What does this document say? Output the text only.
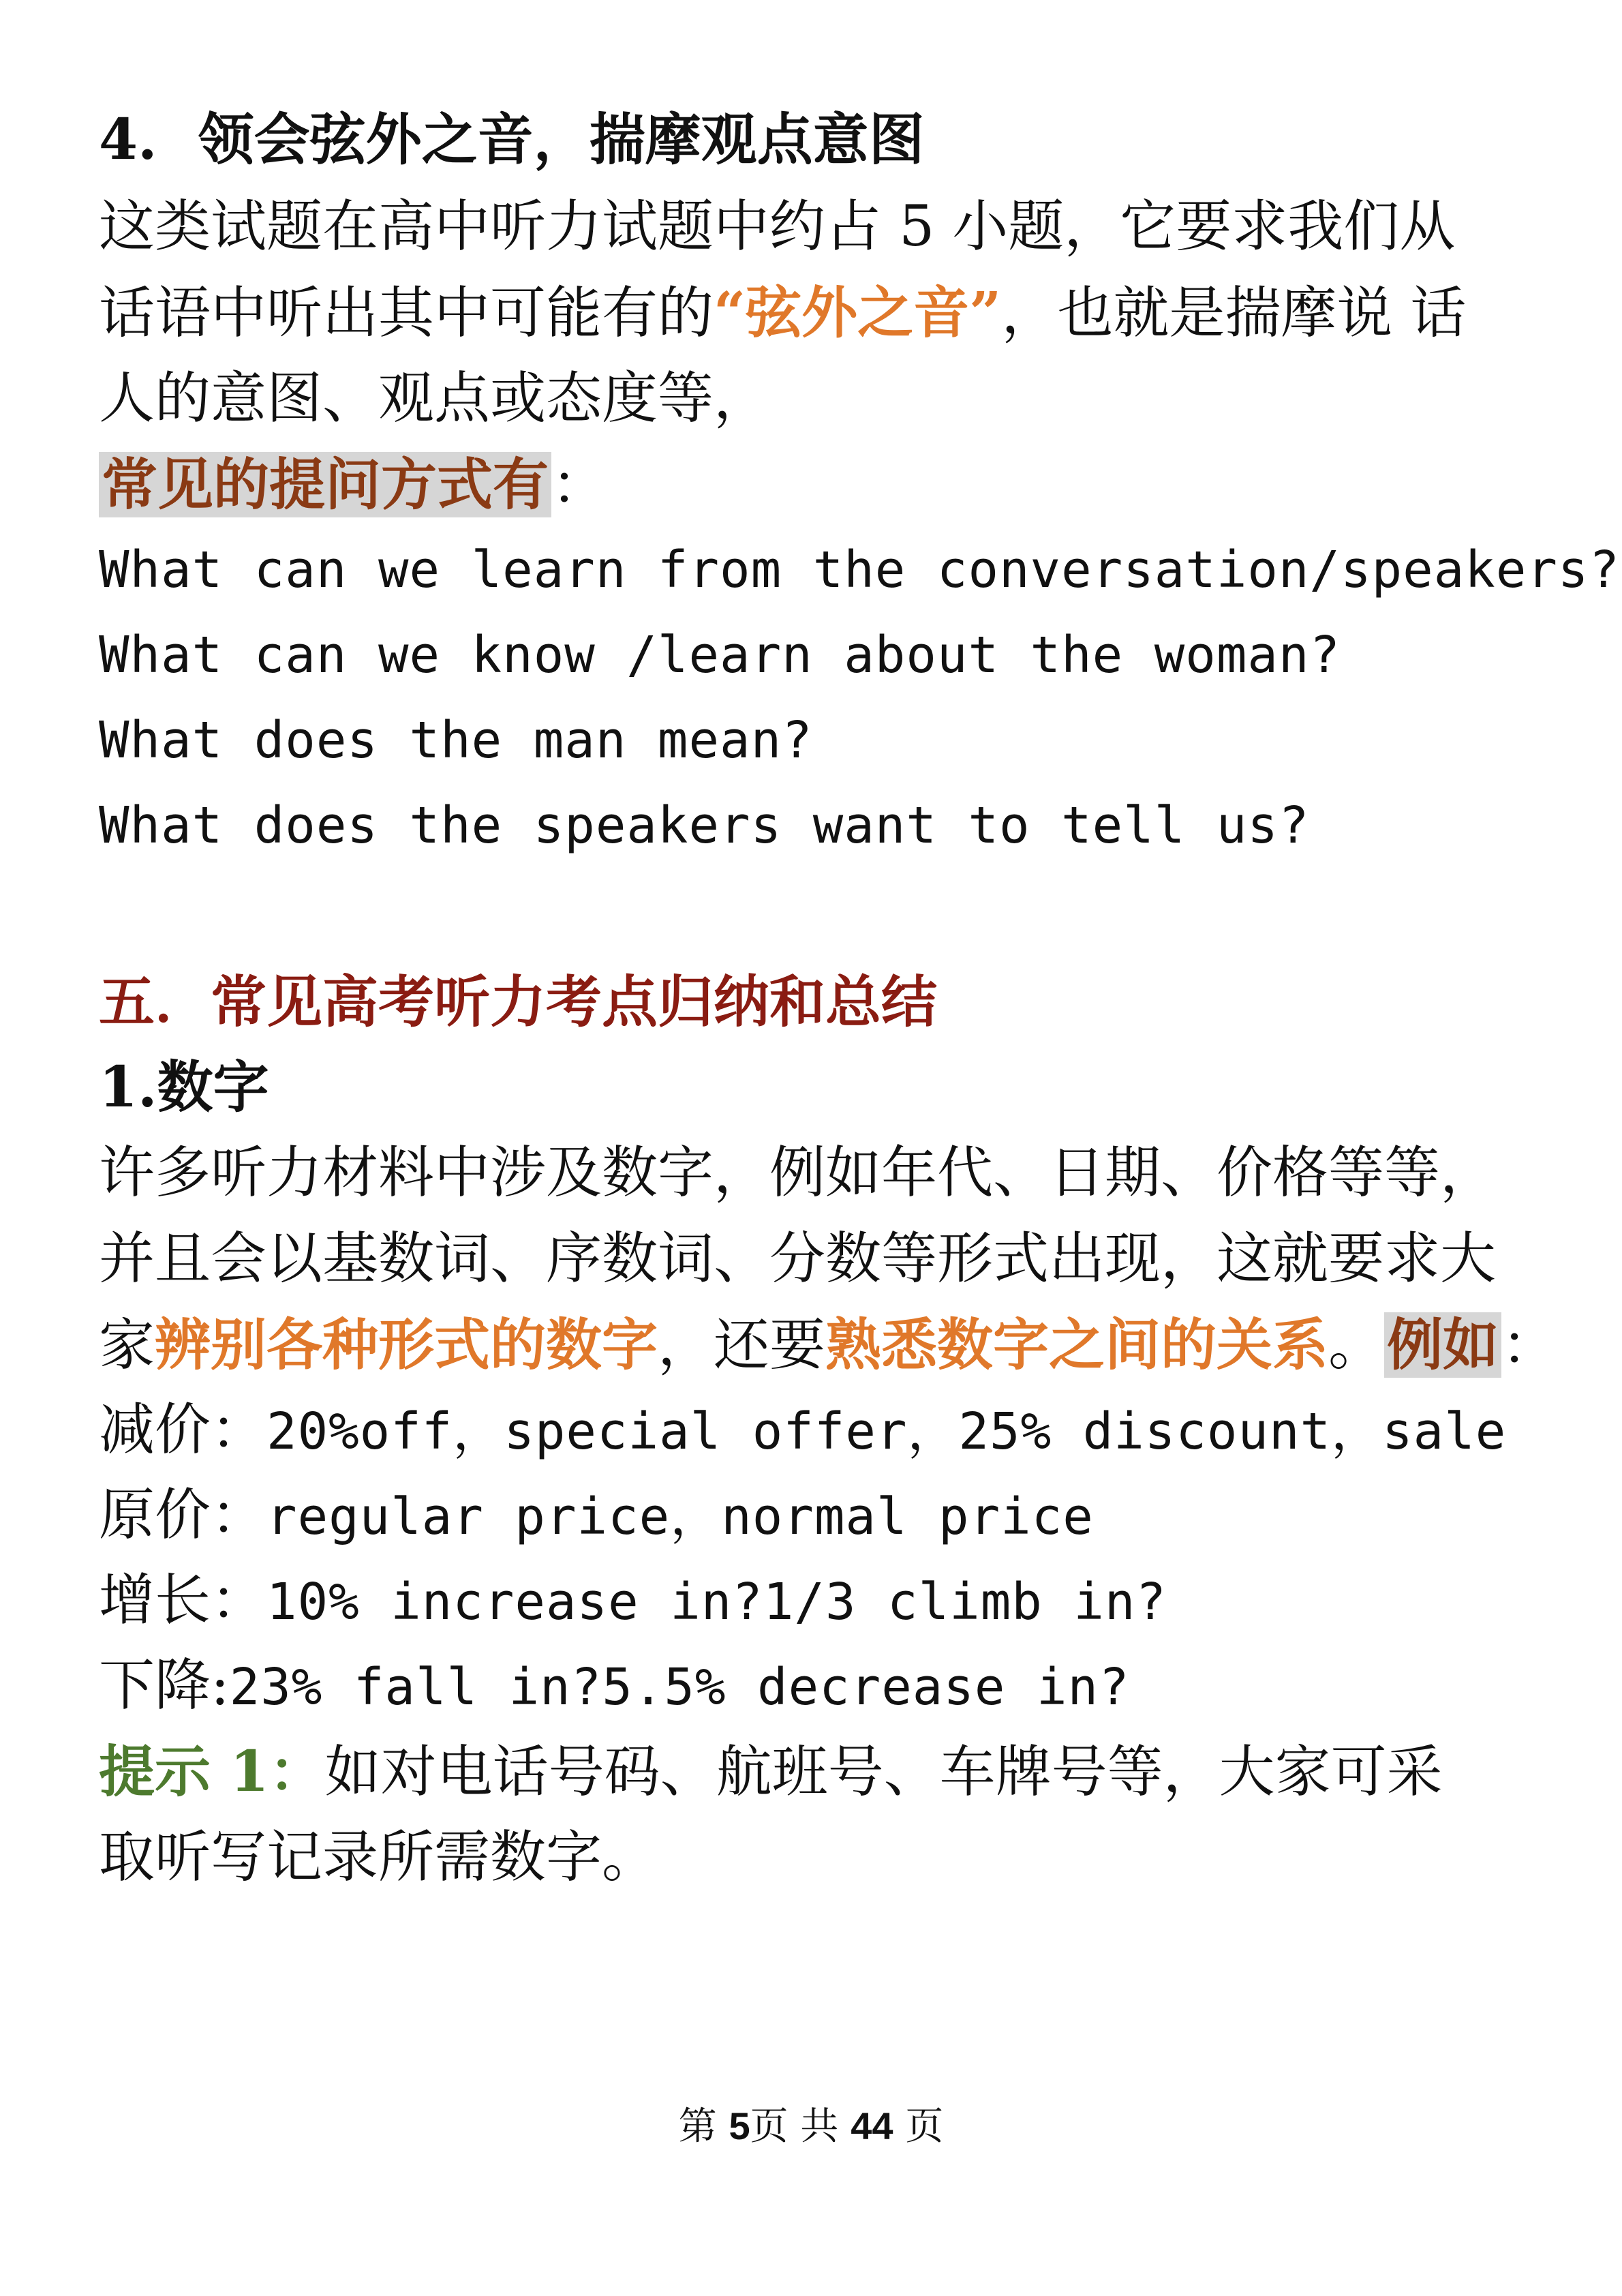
4. 领会弦外之音，揣摩观点意图
这类试题在高中听力试题中约占 5 小题，它要求我们从
话语中听出其中可能有的“弦外之音”，也就是揣摩说 话
人的意图、观点或态度等，
常见的提问方式有：
What can we learn from the conversation/speakers?
What can we know /learn about the woman?
What does the man mean?
What does the speakers want to tell us?
五．常见高考听力考点归纳和总结
1.数字
许多听力材料中涉及数字，例如年代、日期、价格等等，
并且会以基数词、序数词、分数等形式出现，这就要求大
家辨别各种形式的数字，还要熟悉数字之间的关系。例如：
减价：20%off，special offer，25% discount，sale
原价：regular price，normal price
增长：10% increase in?1/3 climb in?
下降:23% fall in?5.5% decrease in?
提示 1：如对电话号码、航班号、车牌号等，大家可采
取听写记录所需数字。
第 5页 共 44 页
